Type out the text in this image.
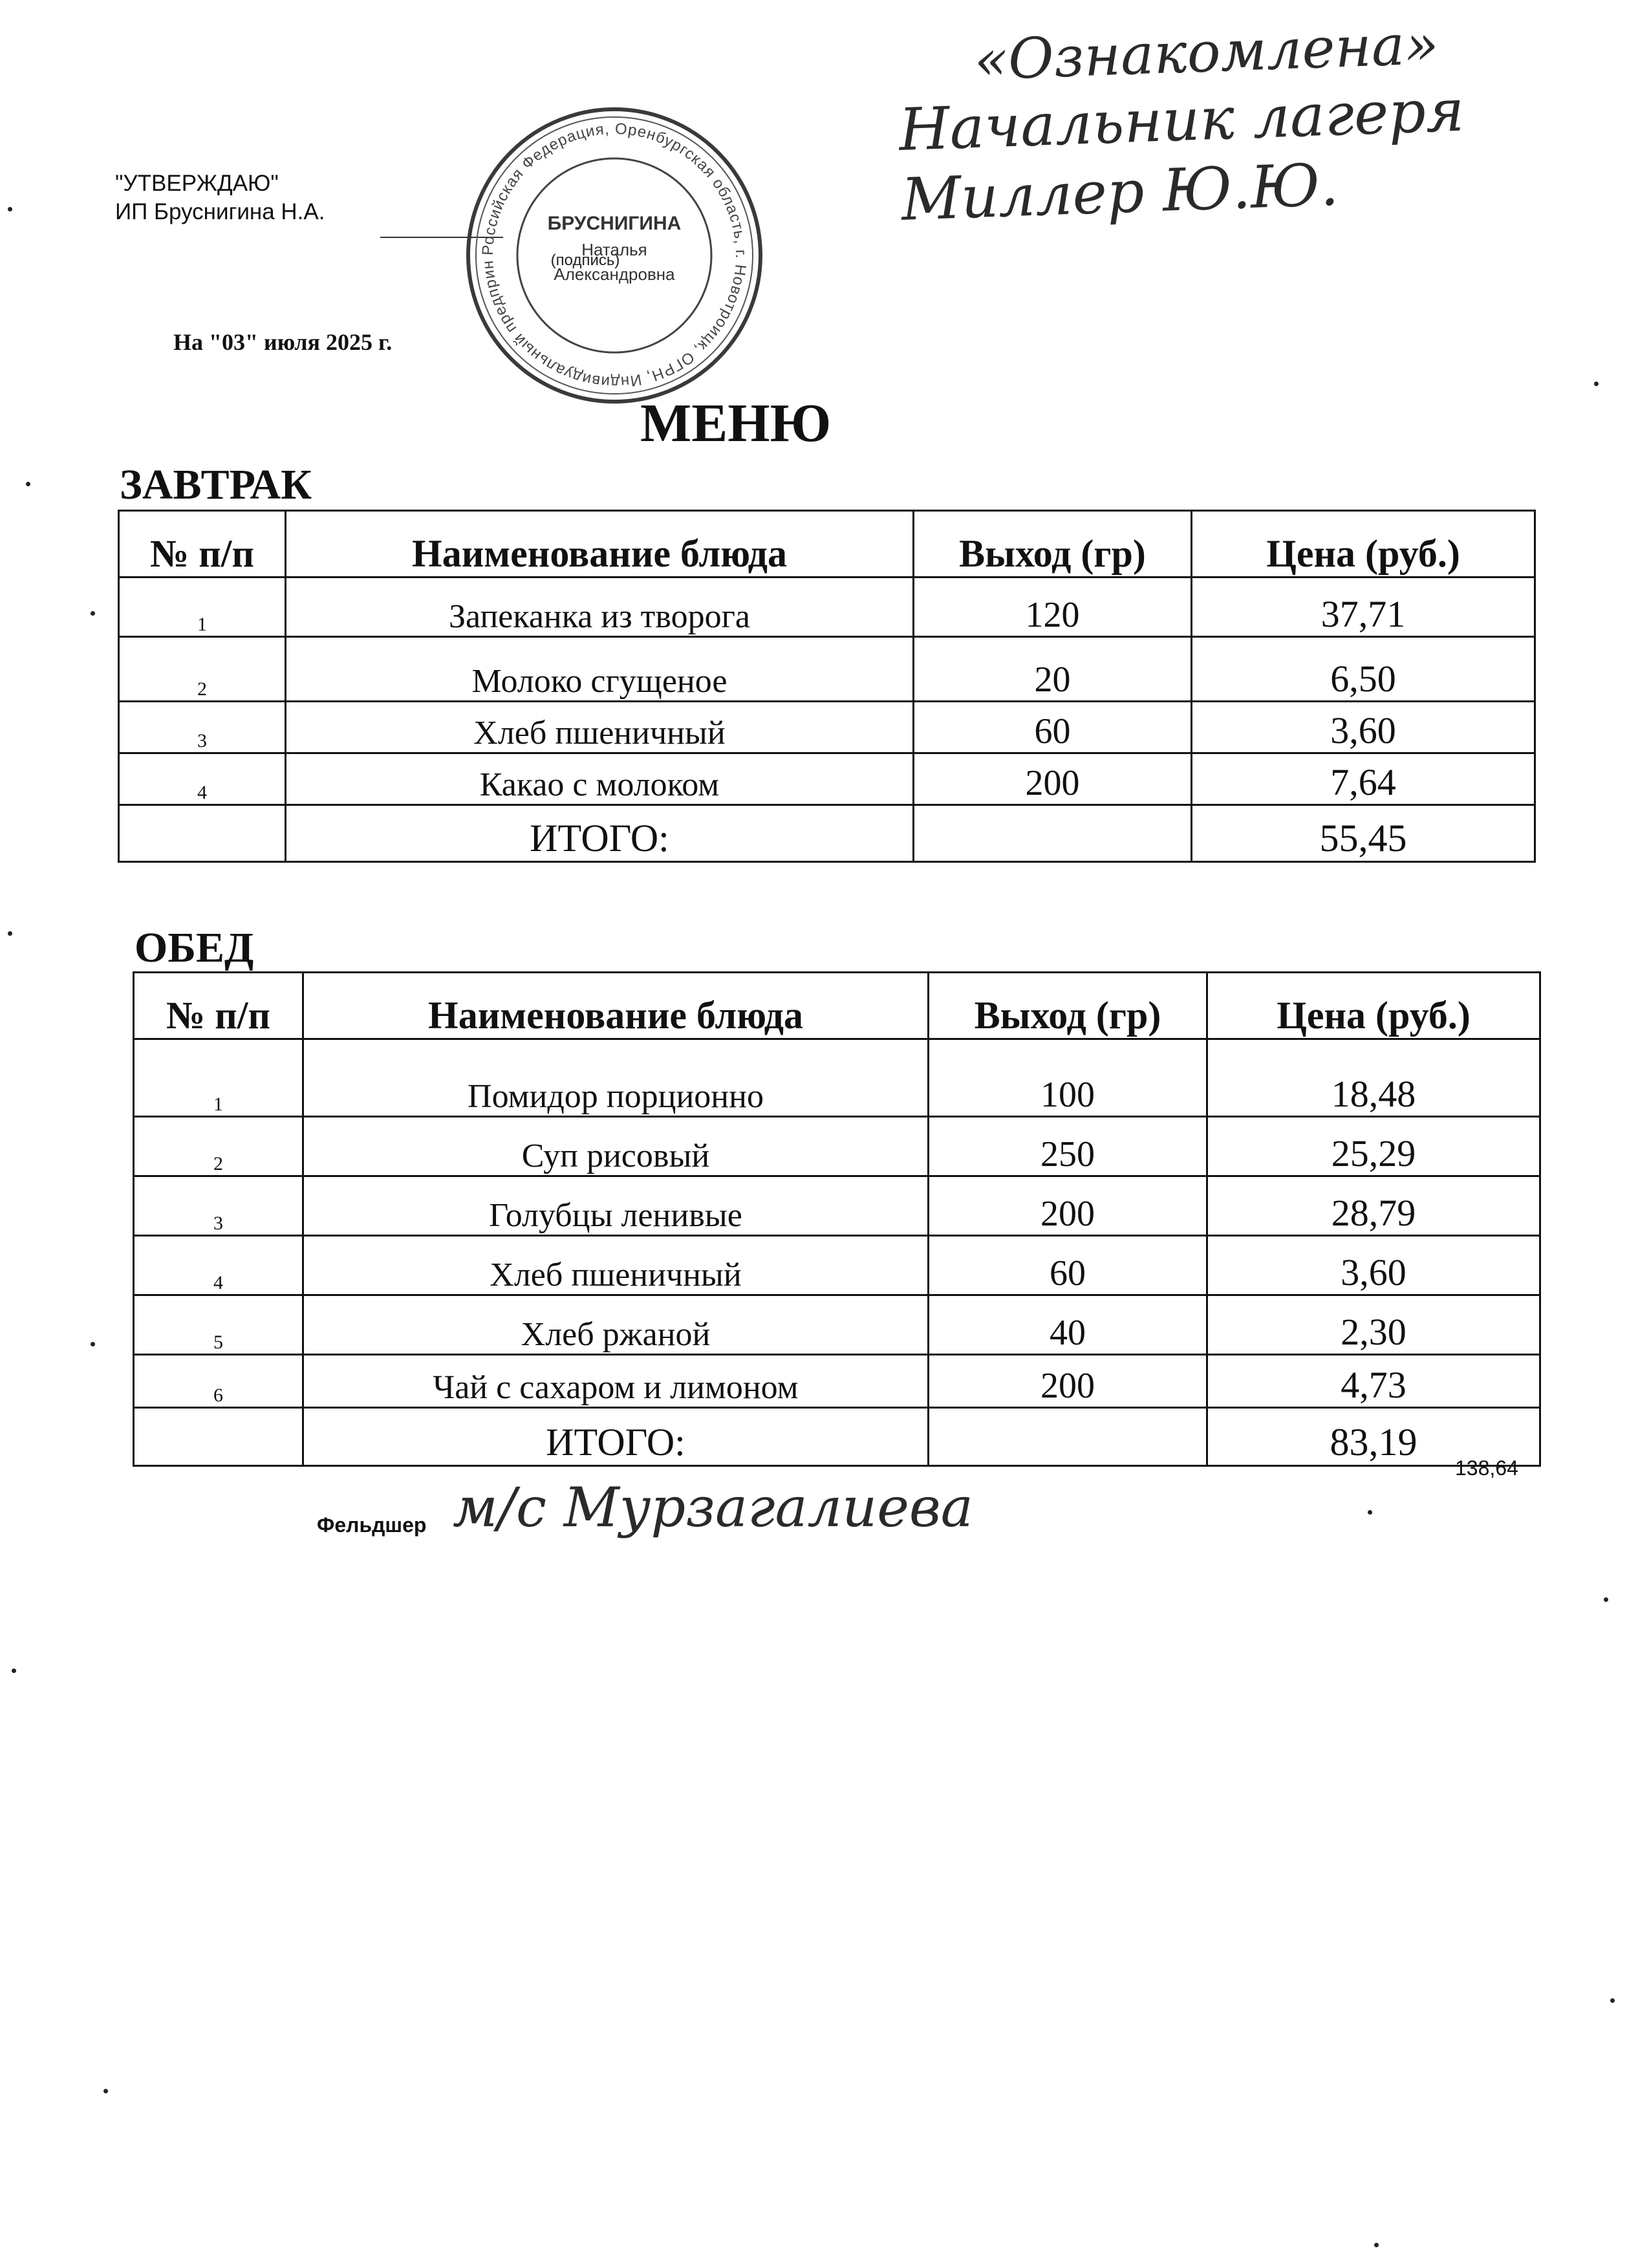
"УТВЕРЖДАЮ"
ИП Бруснигина Н.А.
На "03" июля 2025 г.
Российская Федерация, Оренбургская область, г. Новотроицк, ОГРН, Индивидуальный предприн
БРУСНИГИНА
Наталья
Александровна
(подпись)
«Ознакомлена»
Начальник лагеря
Миллер Ю.Ю.
МЕНЮ
ЗАВТРАК
№ п/п	Наименование блюда	Выход (гр)	Цена (руб.)
1	Запеканка из творога	120	37,71
2	Молоко сгущеное	20	6,50
3	Хлеб пшеничный	60	3,60
4	Какао с молоком	200	7,64
	ИТОГО:		55,45
ОБЕД
№ п/п	Наименование блюда	Выход (гр)	Цена (руб.)
1	Помидор порционно	100	18,48
2	Суп рисовый	250	25,29
3	Голубцы ленивые	200	28,79
4	Хлеб пшеничный	60	3,60
5	Хлеб ржаной	40	2,30
6	Чай с сахаром и лимоном	200	4,73
	ИТОГО:		83,19
138,64
Фельдшер м/с Мурзагалиева
